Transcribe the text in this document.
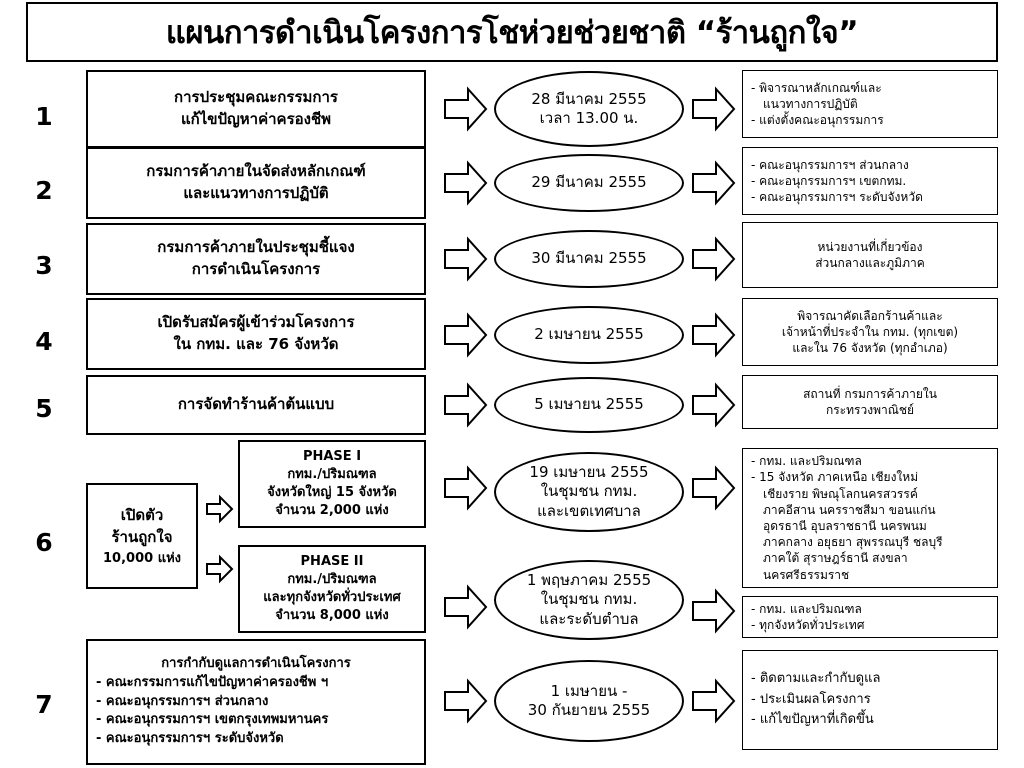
แผนการดำเนินโครงการโชห่วยช่วยชาติ “ร้านถูกใจ”
1
การประชุมคณะกรรมการ
แก้ไขปัญหาค่าครองชีพ
28 มีนาคม 2555
เวลา 13.00 น.
- พิจารณาหลักเกณฑ์และ
แนวทางการปฏิบัติ
- แต่งตั้งคณะอนุกรรมการ
2
กรมการค้าภายในจัดส่งหลักเกณฑ์
และแนวทางการปฏิบัติ
29 มีนาคม 2555
- คณะอนุกรรมการฯ ส่วนกลาง
- คณะอนุกรรมการฯ เขตกทม.
- คณะอนุกรรมการฯ ระดับจังหวัด
3
กรมการค้าภายในประชุมชี้แจง
การดำเนินโครงการ
30 มีนาคม 2555
หน่วยงานที่เกี่ยวข้อง
ส่วนกลางและภูมิภาค
4
เปิดรับสมัครผู้เข้าร่วมโครงการ
ใน กทม. และ 76 จังหวัด
2 เมษายน 2555
พิจารณาคัดเลือกร้านค้าและ
เจ้าหน้าที่ประจำใน กทม. (ทุกเขต)
และใน 76 จังหวัด (ทุกอำเภอ)
5	การจัดทำร้านค้าต้นแบบ	5 เมษายน 2555
สถานที่ กรมการค้าภายใน
กระทรวงพาณิชย์
6
เปิดตัว
ร้านถูกใจ
10,000 แห่ง
PHASE I
กทม./ปริมณฑล
จังหวัดใหญ่ 15 จังหวัด
จำนวน 2,000 แห่ง
PHASE II
กทม./ปริมณฑล
และทุกจังหวัดทั่วประเทศ
จำนวน 8,000 แห่ง
19 เมษายน 2555
ในชุมชน กทม.
และเขตเทศบาล
- กทม. และปริมณฑล
- 15 จังหวัด ภาคเหนือ เชียงใหม่
เชียงราย พิษณุโลกนครสวรรค์
ภาคอีสาน นครราชสีมา ขอนแก่น
อุดรธานี อุบลราชธานี นครพนม
ภาคกลาง อยุธยา สุพรรณบุรี ชลบุรี
ภาคใต้ สุราษฎร์ธานี สงขลา
นครศรีธรรมราช
1 พฤษภาคม 2555
ในชุมชน กทม.
และระดับตำบล
- กทม. และปริมณฑล
- ทุกจังหวัดทั่วประเทศ
7
การกำกับดูแลการดำเนินโครงการ
- คณะกรรมการแก้ไขปัญหาค่าครองชีพ ฯ
- คณะอนุกรรมการฯ ส่วนกลาง
- คณะอนุกรรมการฯ เขตกรุงเทพมหานคร
- คณะอนุกรรมการฯ ระดับจังหวัด
1 เมษายน -
30 กันยายน 2555
- ติดตามและกำกับดูแล
- ประเมินผลโครงการ
- แก้ไขปัญหาที่เกิดขึ้น
